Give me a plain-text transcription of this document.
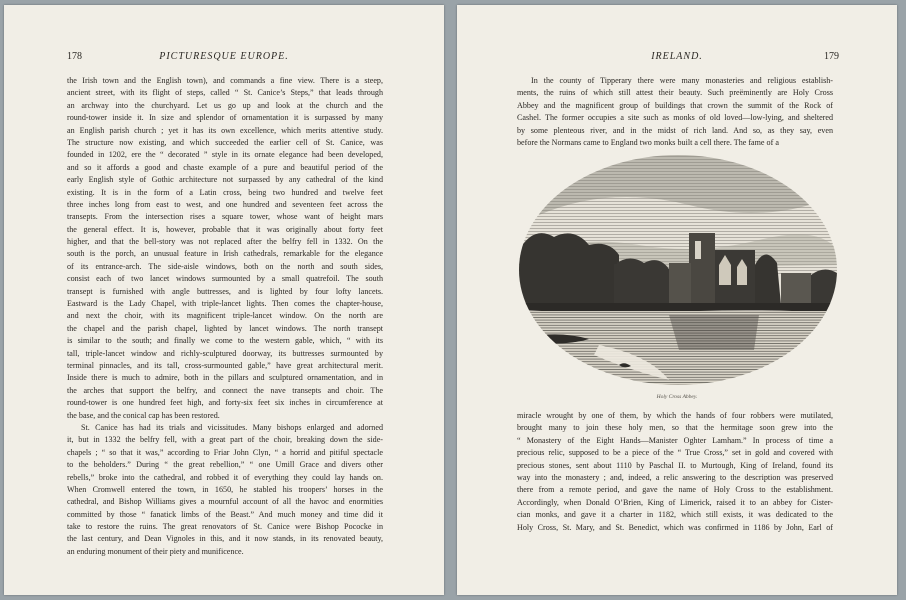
178	PICTURESQUE EUROPE.
the Irish town and the English town), and commands a fine view. There is a steep,
ancient street, with its flight of steps, called “ St. Canice’s Steps,” that leads through
an archway into the churchyard. Let us go up and look at the church and the
round-tower inside it. In size and splendor of ornamentation it is surpassed by many
an English parish church ; yet it has its own excellence, which merits attentive study.
The structure now existing, and which succeeded the earlier cell of St. Canice, was
founded in 1202, ere the “ decorated ” style in its ornate elegance had been developed,
and so it affords a good and chaste example of a pure and beautiful period of the
early English style of Gothic architecture not surpassed by any cathedral of the kind
existing. It is in the form of a Latin cross, being two hundred and twelve feet
three inches long from east to west, and one hundred and seventeen feet across the
transepts. From the intersection rises a square tower, whose want of height mars
the general effect. It is, however, probable that it was originally about forty feet
higher, and that the bell-story was not replaced after the belfry fell in 1332. On the
south is the porch, an unusual feature in Irish cathedrals, remarkable for the elegance
of its entrance-arch. The side-aisle windows, both on the north and south sides,
consist each of two lancet windows surmounted by a small quatrefoil. The south
transept is furnished with angle buttresses, and is lighted by four lofty lancets.
Eastward is the Lady Chapel, with triple-lancet lights. Then comes the chapter-house,
and next the choir, with its magnificent triple-lancet window. On the north are
the chapel and the parish chapel, lighted by lancet windows. The north transept
is similar to the south; and finally we come to the western gable, which, “ with its
tall, triple-lancet window and richly-sculptured doorway, its buttresses surmounted by
terminal pinnacles, and its tall, cross-surmounted gable,” have great architectural merit.
Inside there is much to admire, both in the pillars and sculptured ornamentation, and in
the arches that support the belfry, and connect the nave transepts and choir. The
round-tower is one hundred feet high, and forty-six feet six inches in circumference at
the base, and the conical cap has been restored.
St. Canice has had its trials and vicissitudes. Many bishops enlarged and adorned
it, but in 1332 the belfry fell, with a great part of the choir, breaking down the side-
chapels ; “ so that it was,” according to Friar John Clyn, “ a horrid and pitiful spectacle
to the beholders.” During “ the great rebellion,” “ one Umill Grace and divers other
rebells,” broke into the cathedral, and robbed it of everything they could lay hands on.
When Cromwell entered the town, in 1650, he stabled his troopers’ horses in the
cathedral, and Bishop Williams gives a mournful account of all the havoc and enormities
committed by those “ fanatick limbs of the Beast.” And much money and time did it
take to restore the ruins. The great renovators of St. Canice were Bishop Pococke in
the last century, and Dean Vignoles in this, and it now stands, in its renovated beauty,
an enduring monument of their piety and munificence.
IRELAND.	179
In the county of Tipperary there were many monasteries and religious establish-
ments, the ruins of which still attest their beauty. Such preëminently are Holy Cross
Abbey and the magnificent group of buildings that crown the summit of the Rock of
Cashel. The former occupies a site such as monks of old loved—low-lying, and sheltered
by some plenteous river, and in the midst of rich land. And so, as they say, even
before the Normans came to England two monks built a cell there. The fame of a
Holy Cross Abbey.
miracle wrought by one of them, by which the hands of four robbers were mutilated,
brought many to join these holy men, so that the hermitage soon grew into the
“ Monastery of the Eight Hands—Manister Oghter Lamham.” In process of time a
precious relic, supposed to be a piece of the “ True Cross,” set in gold and covered with
precious stones, sent about 1110 by Paschal II. to Murtough, King of Ireland, found its
way into the monastery ; and, indeed, a relic answering to the description was preserved
there from a remote period, and gave the name of Holy Cross to the establishment.
Accordingly, when Donald O’Brien, King of Limerick, raised it to an abbey for Cister-
cian monks, and gave it a charter in 1182, which still exists, it was dedicated to the
Holy Cross, St. Mary, and St. Benedict, which was confirmed in 1186 by John, Earl of
